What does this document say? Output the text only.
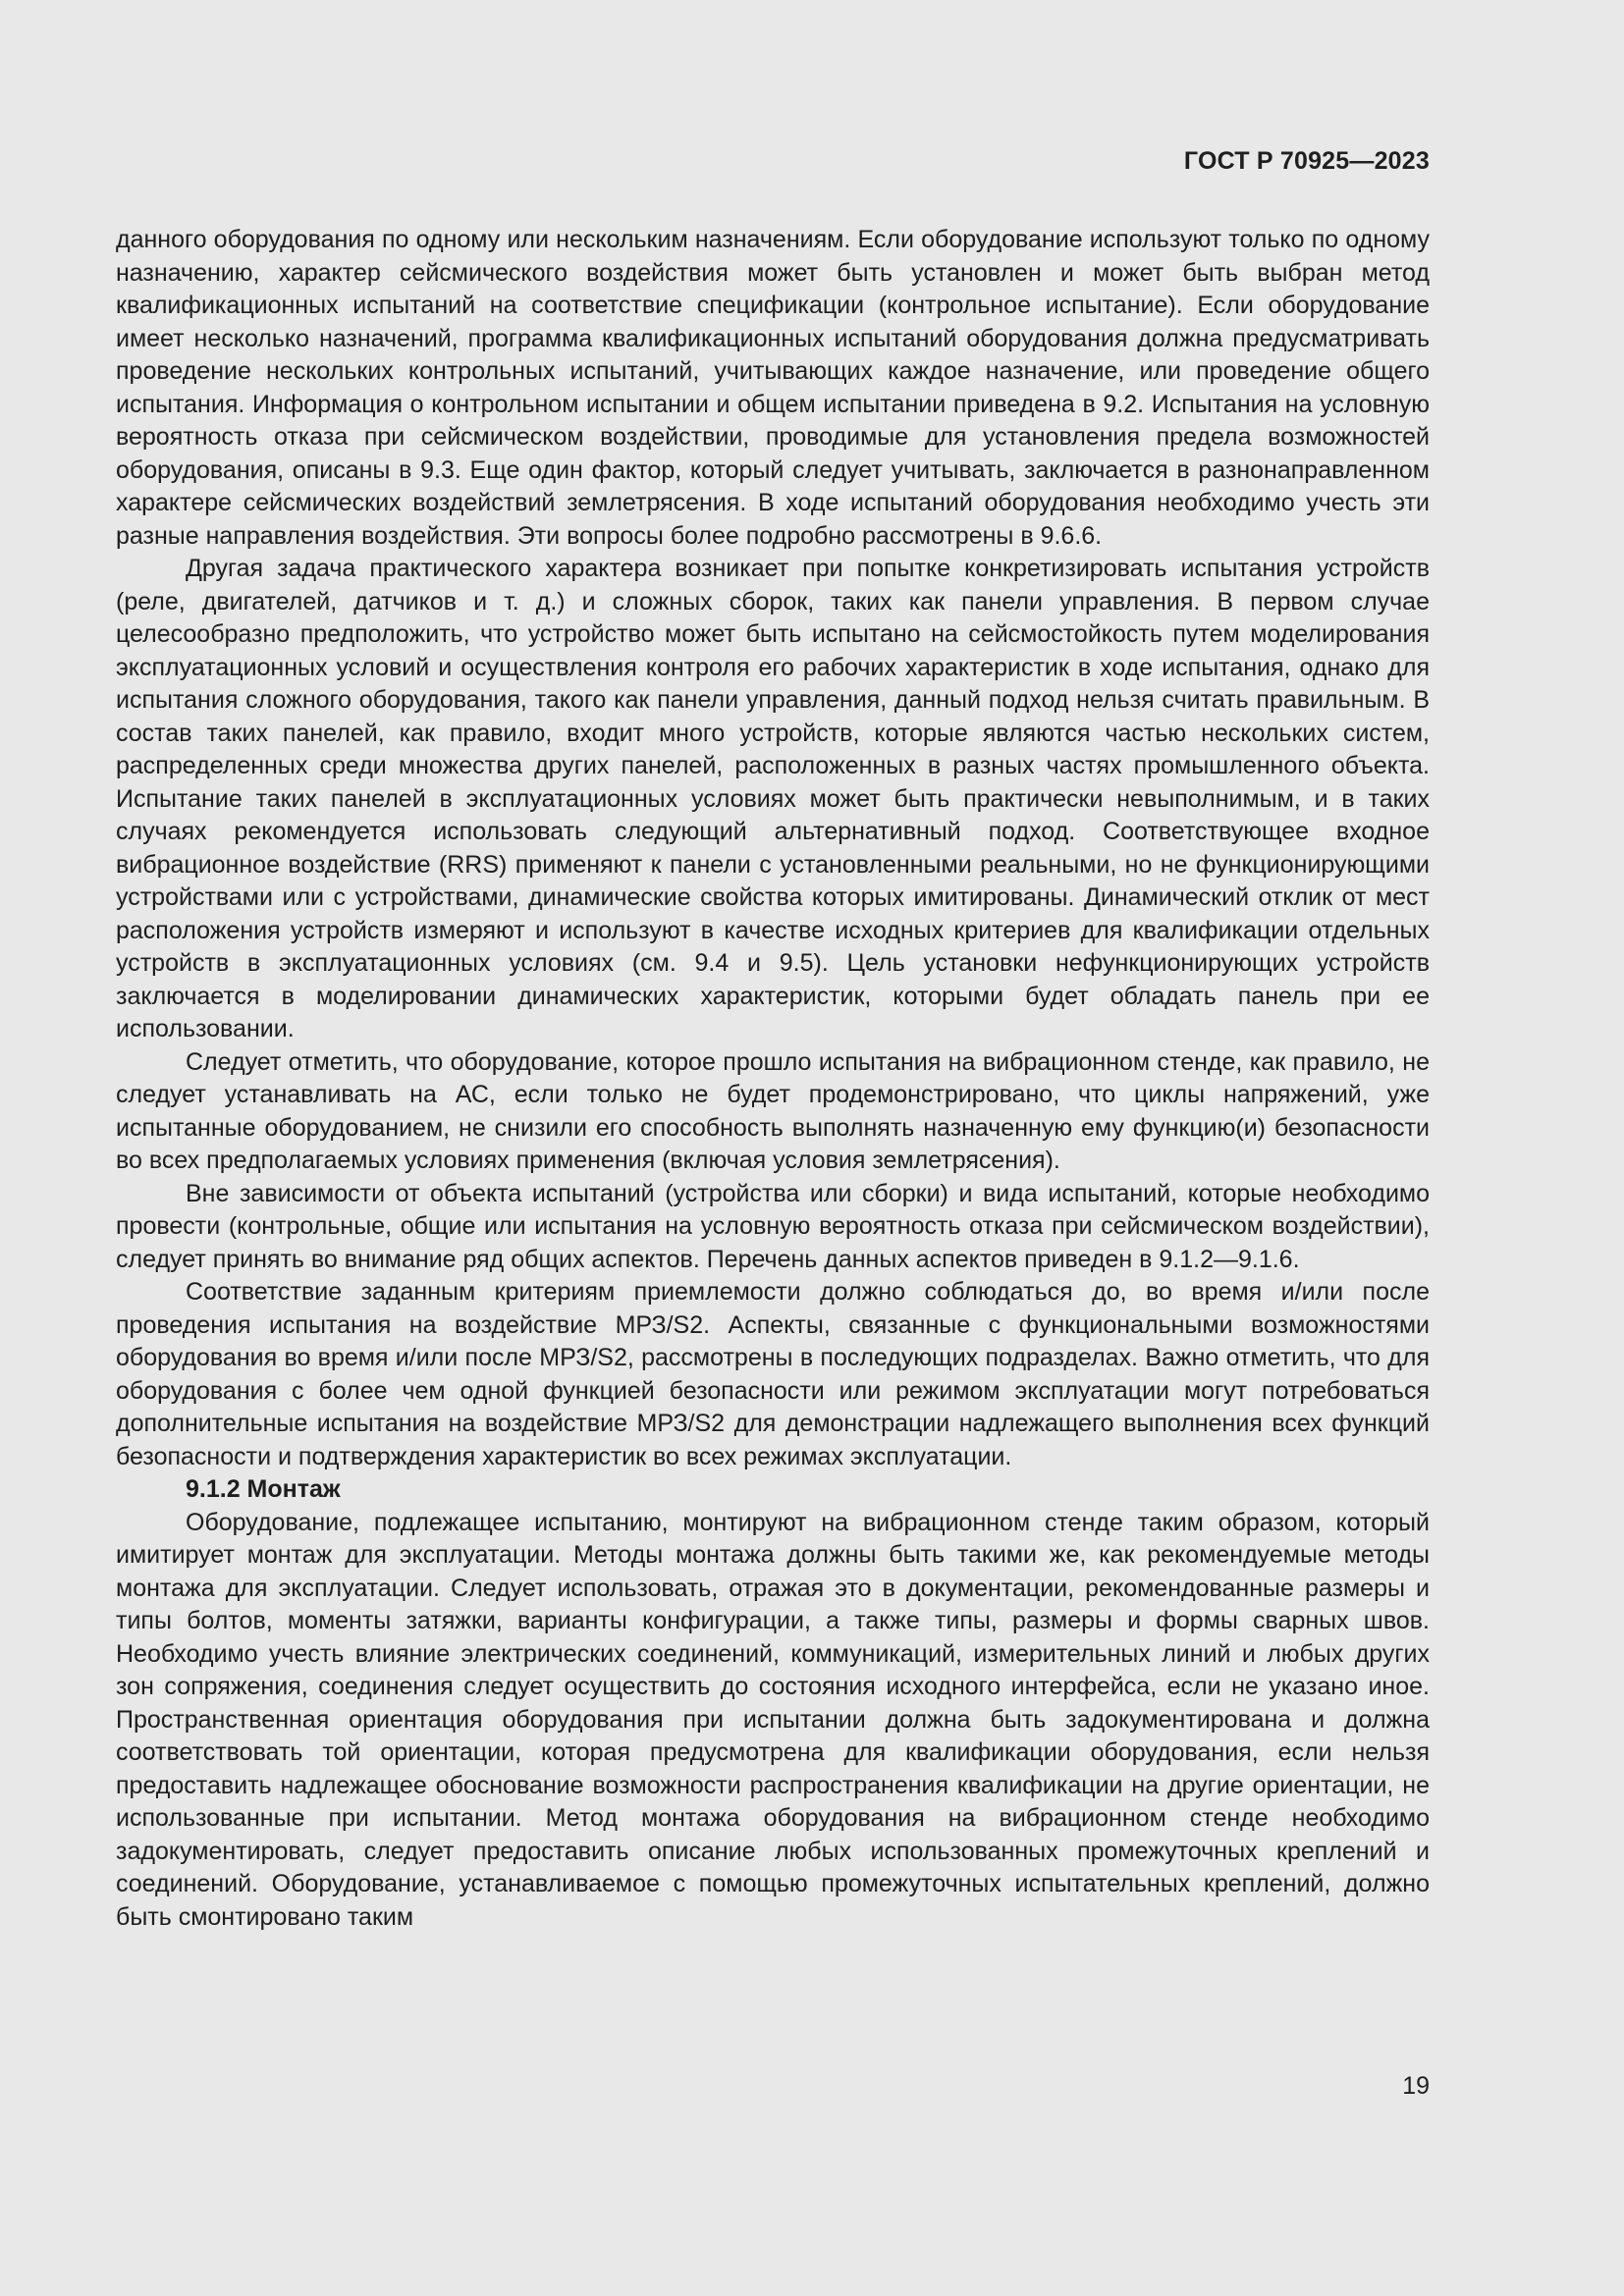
ГОСТ Р 70925—2023

данного оборудования по одному или нескольким назначениям. Если оборудование используют только по одному назначению, характер сейсмического воздействия может быть установлен и может быть выбран метод квалификационных испытаний на соответствие спецификации (контрольное испытание). Если оборудование имеет несколько назначений, программа квалификационных испытаний оборудования должна предусматривать проведение нескольких контрольных испытаний, учитывающих каждое назначение, или проведение общего испытания. Информация о контрольном испытании и общем испытании приведена в 9.2. Испытания на условную вероятность отказа при сейсмическом воздействии, проводимые для установления предела возможностей оборудования, описаны в 9.3. Еще один фактор, который следует учитывать, заключается в разнонаправленном характере сейсмических воздействий землетрясения. В ходе испытаний оборудования необходимо учесть эти разные направления воздействия. Эти вопросы более подробно рассмотрены в 9.6.6.

Другая задача практического характера возникает при попытке конкретизировать испытания устройств (реле, двигателей, датчиков и т. д.) и сложных сборок, таких как панели управления. В первом случае целесообразно предположить, что устройство может быть испытано на сейсмостойкость путем моделирования эксплуатационных условий и осуществления контроля его рабочих характеристик в ходе испытания, однако для испытания сложного оборудования, такого как панели управления, данный подход нельзя считать правильным. В состав таких панелей, как правило, входит много устройств, которые являются частью нескольких систем, распределенных среди множества других панелей, расположенных в разных частях промышленного объекта. Испытание таких панелей в эксплуатационных условиях может быть практически невыполнимым, и в таких случаях рекомендуется использовать следующий альтернативный подход. Соответствующее входное вибрационное воздействие (RRS) применяют к панели с установленными реальными, но не функционирующими устройствами или с устройствами, динамические свойства которых имитированы. Динамический отклик от мест расположения устройств измеряют и используют в качестве исходных критериев для квалификации отдельных устройств в эксплуатационных условиях (см. 9.4 и 9.5). Цель установки нефункционирующих устройств заключается в моделировании динамических характеристик, которыми будет обладать панель при ее использовании.

Следует отметить, что оборудование, которое прошло испытания на вибрационном стенде, как правило, не следует устанавливать на АС, если только не будет продемонстрировано, что циклы напряжений, уже испытанные оборудованием, не снизили его способность выполнять назначенную ему функцию(и) безопасности во всех предполагаемых условиях применения (включая условия землетрясения).

Вне зависимости от объекта испытаний (устройства или сборки) и вида испытаний, которые необходимо провести (контрольные, общие или испытания на условную вероятность отказа при сейсмическом воздействии), следует принять во внимание ряд общих аспектов. Перечень данных аспектов приведен в 9.1.2—9.1.6.

Соответствие заданным критериям приемлемости должно соблюдаться до, во время и/или после проведения испытания на воздействие МРЗ/S2. Аспекты, связанные с функциональными возможностями оборудования во время и/или после МРЗ/S2, рассмотрены в последующих подразделах. Важно отметить, что для оборудования с более чем одной функцией безопасности или режимом эксплуатации могут потребоваться дополнительные испытания на воздействие МРЗ/S2 для демонстрации надлежащего выполнения всех функций безопасности и подтверждения характеристик во всех режимах эксплуатации.

9.1.2 Монтаж

Оборудование, подлежащее испытанию, монтируют на вибрационном стенде таким образом, который имитирует монтаж для эксплуатации. Методы монтажа должны быть такими же, как рекомендуемые методы монтажа для эксплуатации. Следует использовать, отражая это в документации, рекомендованные размеры и типы болтов, моменты затяжки, варианты конфигурации, а также типы, размеры и формы сварных швов. Необходимо учесть влияние электрических соединений, коммуникаций, измерительных линий и любых других зон сопряжения, соединения следует осуществить до состояния исходного интерфейса, если не указано иное. Пространственная ориентация оборудования при испытании должна быть задокументирована и должна соответствовать той ориентации, которая предусмотрена для квалификации оборудования, если нельзя предоставить надлежащее обоснование возможности распространения квалификации на другие ориентации, не использованные при испытании. Метод монтажа оборудования на вибрационном стенде необходимо задокументировать, следует предоставить описание любых использованных промежуточных креплений и соединений. Оборудование, устанавливаемое с помощью промежуточных испытательных креплений, должно быть смонтировано таким

19
